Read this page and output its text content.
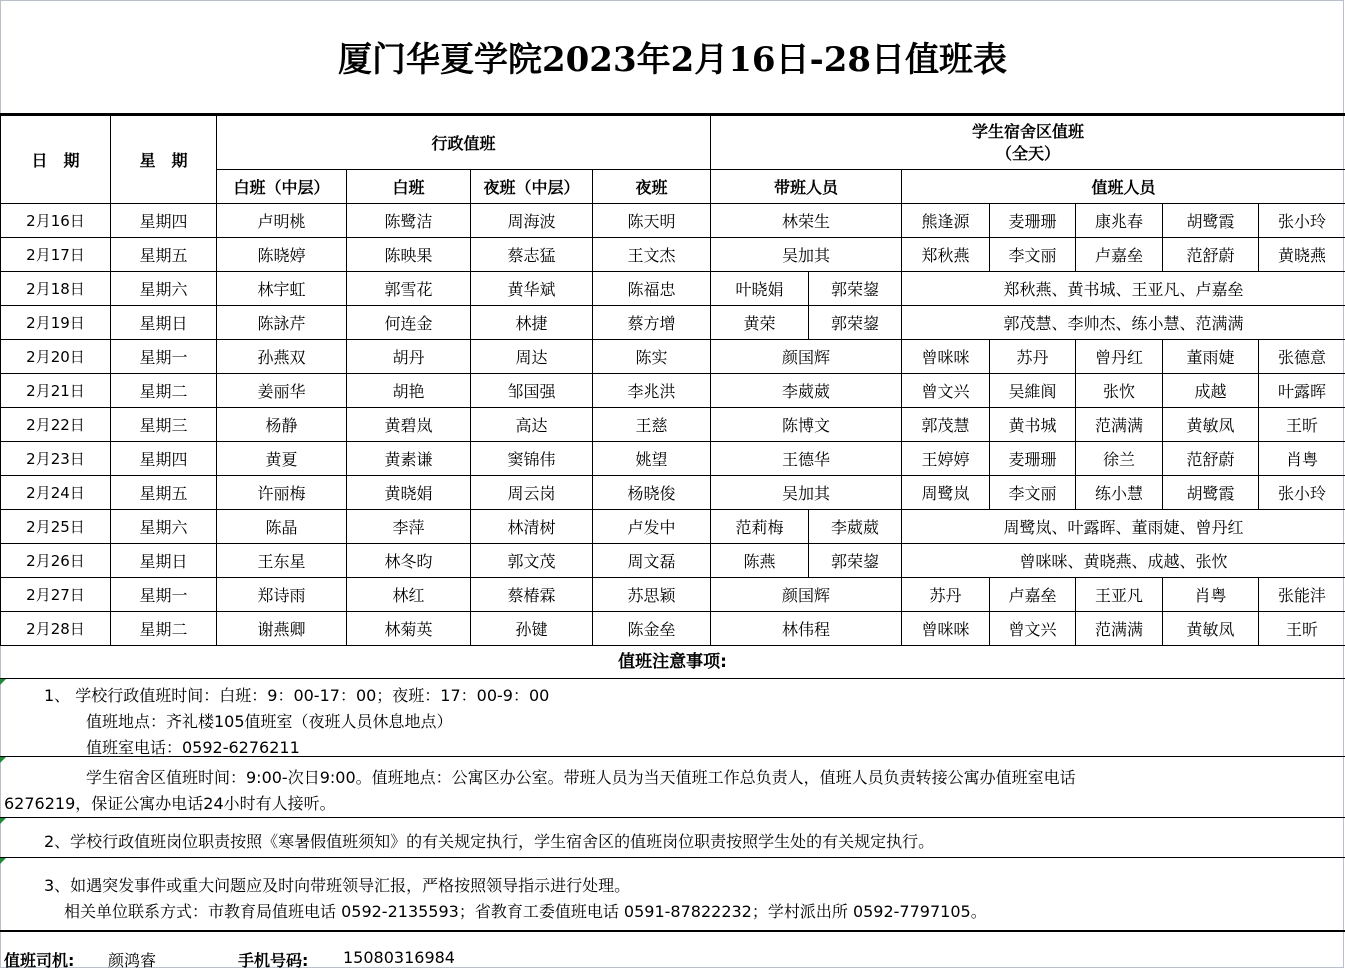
厦门华夏学院2023年2月16日-28日值班表
日　期	星　期	行政值班				学生宿舍区值班
（全天）						

		白班（中层）	白班	夜班（中层）	夜班	带班人员		值班人员				
2月16日	星期四	卢明桃	陈鹭洁	周海波	陈天明	林荣生		熊逢源	麦珊珊	康兆春	胡鹭霞	张小玲
2月17日	星期五	陈晓婷	陈映果	蔡志猛	王文杰	吴加其		郑秋燕	李文丽	卢嘉垒	范舒蔚	黄晓燕
2月18日	星期六	林宇虹	郭雪花	黄华斌	陈福忠	叶晓娟	郭荣鋆	郑秋燕、黄书城、王亚凡、卢嘉垒				
2月19日	星期日	陈詠芹	何连金	林捷	蔡方增	黄荣	郭荣鋆	郭茂慧、李帅杰、练小慧、范满满				
2月20日	星期一	孙燕双	胡丹	周达	陈实	颜国辉		曾咪咪	苏丹	曾丹红	董雨婕	张德意
2月21日	星期二	姜丽华	胡艳	邹国强	李兆洪	李葳葳		曾文兴	吴維阆	张忺	成越	叶露晖
2月22日	星期三	杨静	黄碧岚	高达	王慈	陈博文		郭茂慧	黄书城	范满满	黄敏凤	王昕
2月23日	星期四	黄夏	黄素谦	窦锦伟	姚望	王德华		王婷婷	麦珊珊	徐兰	范舒蔚	肖粤
2月24日	星期五	许丽梅	黄晓娟	周云岗	杨晓俊	吴加其		周鹭岚	李文丽	练小慧	胡鹭霞	张小玲
2月25日	星期六	陈晶	李萍	林清树	卢发中	范莉梅	李葳葳	周鹭岚、叶露晖、董雨婕、曾丹红				
2月26日	星期日	王东星	林冬昀	郭文茂	周文磊	陈燕	郭荣鋆	曾咪咪、黄晓燕、成越、张忺				
2月27日	星期一	郑诗雨	林红	蔡椿霖	苏思颖	颜国辉		苏丹	卢嘉垒	王亚凡	肖粤	张能沣
2月28日	星期二	谢燕卿	林菊英	孙键	陈金垒	林伟程		曾咪咪	曾文兴	范满满	黄敏凤	王昕

值班注意事项:

1、 学校行政值班时间：白班：9：00-17：00；夜班：17：00-9：00

值班地点：齐礼楼105值班室（夜班人员休息地点）

值班室电话：0592-6276211

学生宿舍区值班时间：9:00-次日9:00。值班地点：公寓区办公室。带班人员为当天值班工作总负责人，值班人员负责转接公寓办值班室电话

6276219，保证公寓办电话24小时有人接听。

2、学校行政值班岗位职责按照《寒暑假值班须知》的有关规定执行，学生宿舍区的值班岗位职责按照学生处的有关规定执行。

3、如遇突发事件或重大问题应及时向带班领导汇报，严格按照领导指示进行处理。

相关单位联系方式：市教育局值班电话 0592-2135593；省教育工委值班电话 0591-87822232；学村派出所 0592-7797105。

值班司机: 颜鸿睿	手机号码: 15080316984
